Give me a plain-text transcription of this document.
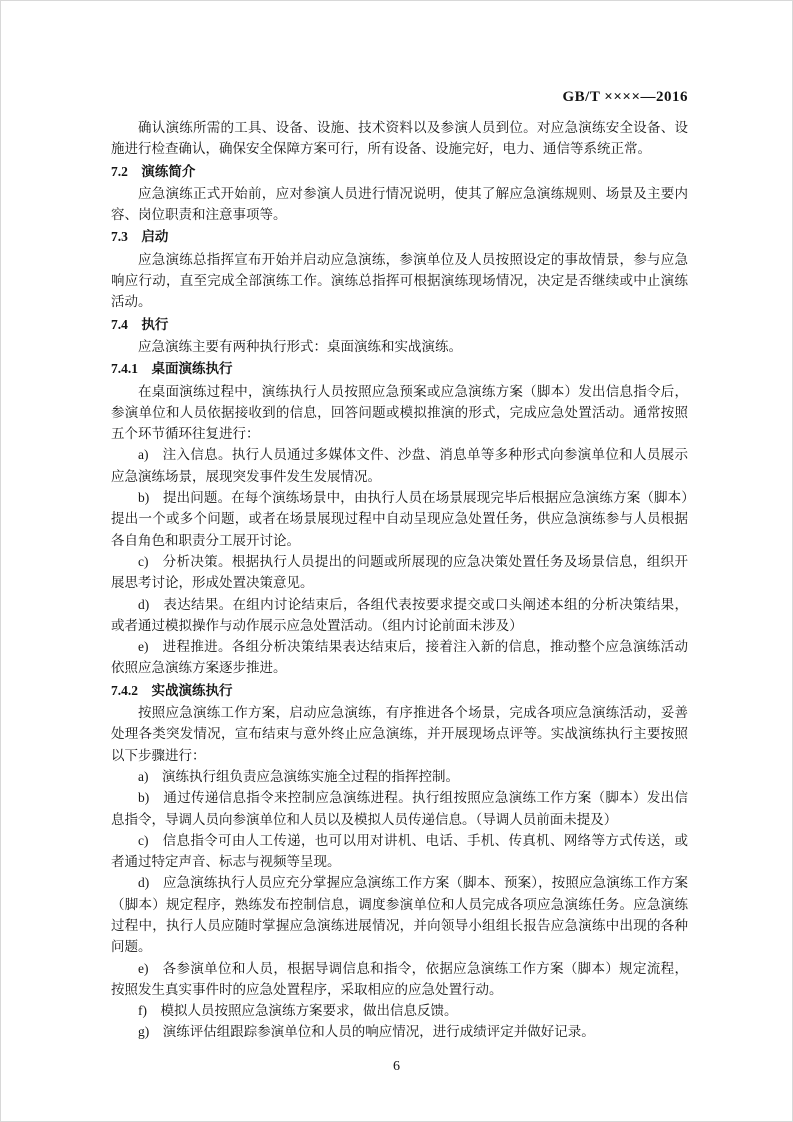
GB/T ××××—2016

确认演练所需的工具、设备、设施、技术资料以及参演人员到位。对应急演练安全设备、设施进行检查确认，确保安全保障方案可行，所有设备、设施完好，电力、通信等系统正常。

7.2　演练简介

应急演练正式开始前，应对参演人员进行情况说明，使其了解应急演练规则、场景及主要内容、岗位职责和注意事项等。

7.3　启动

应急演练总指挥宣布开始并启动应急演练，参演单位及人员按照设定的事故情景，参与应急响应行动，直至完成全部演练工作。演练总指挥可根据演练现场情况，决定是否继续或中止演练活动。

7.4　执行

应急演练主要有两种执行形式：桌面演练和实战演练。

7.4.1　桌面演练执行

在桌面演练过程中，演练执行人员按照应急预案或应急演练方案（脚本）发出信息指令后，参演单位和人员依据接收到的信息，回答问题或模拟推演的形式，完成应急处置活动。通常按照五个环节循环往复进行：

a)　注入信息。执行人员通过多媒体文件、沙盘、消息单等多种形式向参演单位和人员展示应急演练场景，展现突发事件发生发展情况。

b)　提出问题。在每个演练场景中，由执行人员在场景展现完毕后根据应急演练方案（脚本）提出一个或多个问题，或者在场景展现过程中自动呈现应急处置任务，供应急演练参与人员根据各自角色和职责分工展开讨论。

c)　分析决策。根据执行人员提出的问题或所展现的应急决策处置任务及场景信息，组织开展思考讨论，形成处置决策意见。

d)　表达结果。在组内讨论结束后，各组代表按要求提交或口头阐述本组的分析决策结果，或者通过模拟操作与动作展示应急处置活动。（组内讨论前面未涉及）

e)　进程推进。各组分析决策结果表达结束后，接着注入新的信息，推动整个应急演练活动依照应急演练方案逐步推进。

7.4.2　实战演练执行

按照应急演练工作方案，启动应急演练，有序推进各个场景，完成各项应急演练活动，妥善处理各类突发情况，宣布结束与意外终止应急演练，并开展现场点评等。实战演练执行主要按照以下步骤进行：

a)　演练执行组负责应急演练实施全过程的指挥控制。

b)　通过传递信息指令来控制应急演练进程。执行组按照应急演练工作方案（脚本）发出信息指令，导调人员向参演单位和人员以及模拟人员传递信息。（导调人员前面未提及）

c)　信息指令可由人工传递，也可以用对讲机、电话、手机、传真机、网络等方式传送，或者通过特定声音、标志与视频等呈现。

d)　应急演练执行人员应充分掌握应急演练工作方案（脚本、预案），按照应急演练工作方案（脚本）规定程序，熟练发布控制信息，调度参演单位和人员完成各项应急演练任务。应急演练过程中，执行人员应随时掌握应急演练进展情况，并向领导小组组长报告应急演练中出现的各种问题。

e)　各参演单位和人员，根据导调信息和指令，依据应急演练工作方案（脚本）规定流程，按照发生真实事件时的应急处置程序，采取相应的应急处置行动。

f)　模拟人员按照应急演练方案要求，做出信息反馈。

g)　演练评估组跟踪参演单位和人员的响应情况，进行成绩评定并做好记录。

6
